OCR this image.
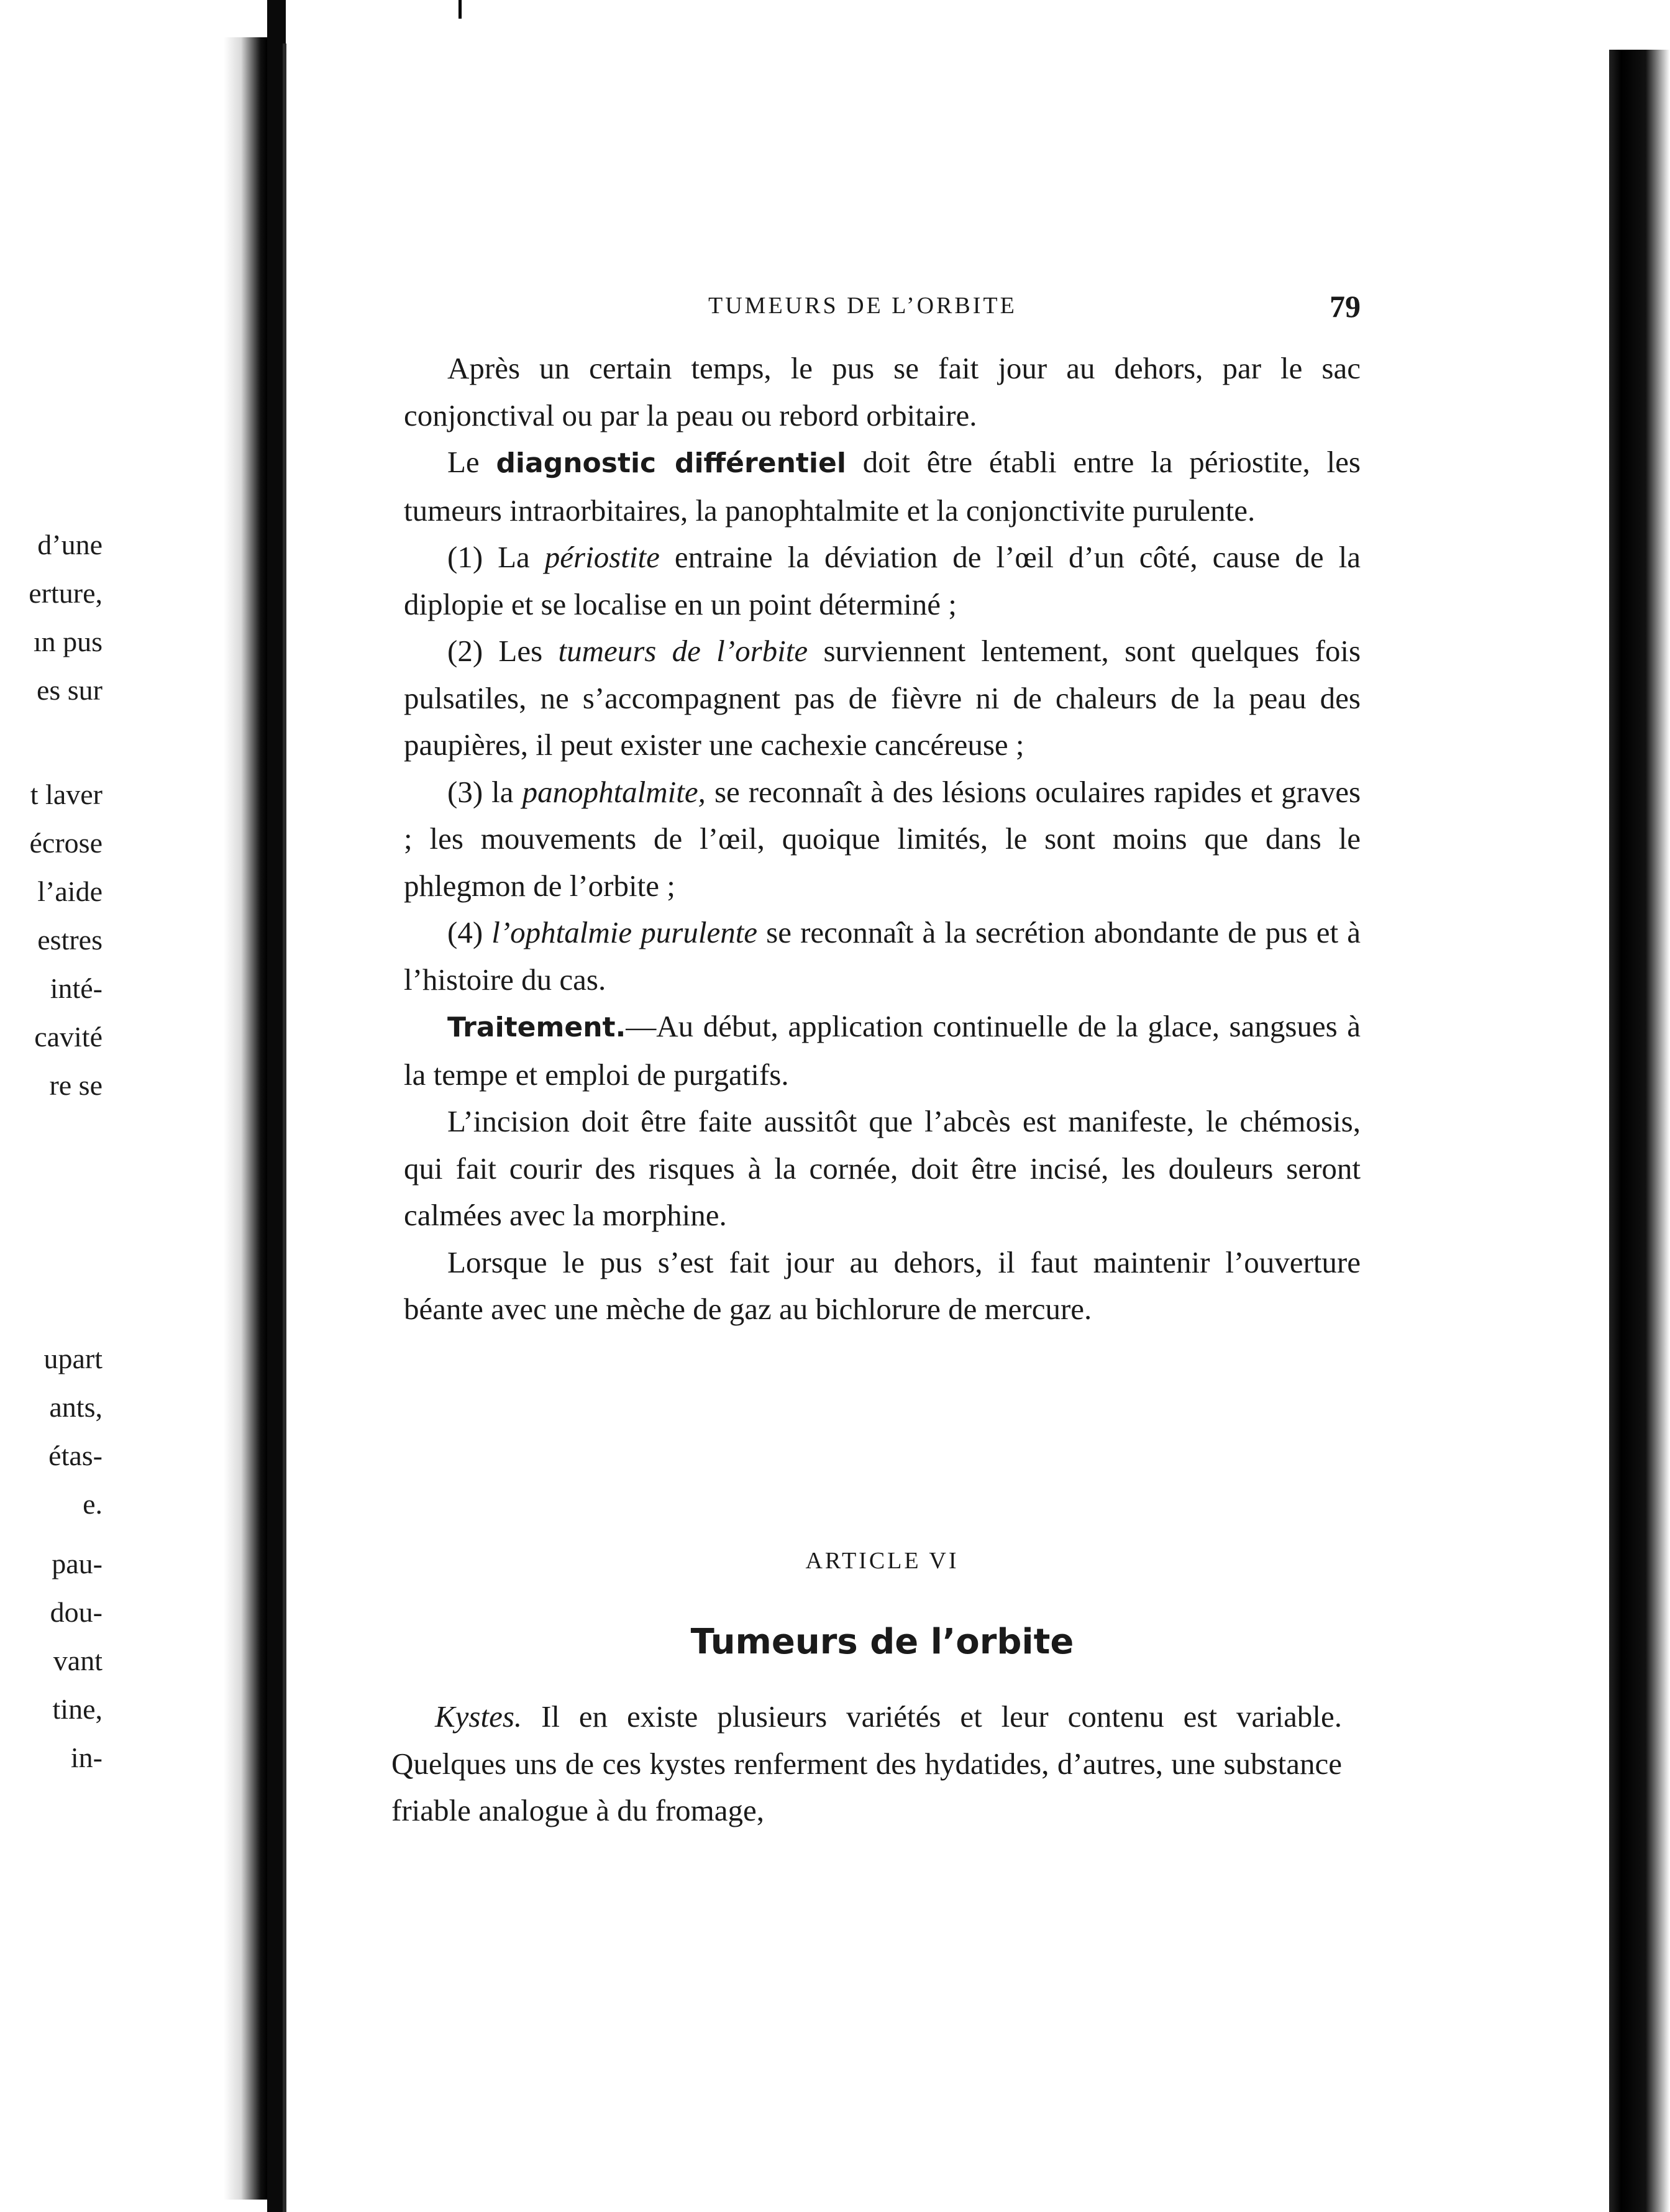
d’une
erture,
ın pus
es sur
t laver
écrose
l’aide
estres
inté-
cavité
re se
upart
ants,
étas-
e.
pau-
dou-
vant
tine,
in-
TUMEURS DE L’ORBITE	79

Après un certain temps, le pus se fait jour au dehors, par le sac conjonctival ou par la peau ou rebord orbitaire.

Le diagnostic différentiel doit être établi entre la périostite, les tumeurs intraorbitaires, la panophtalmite et la conjonctivite purulente.

(1) La périostite entraine la déviation de l’œil d’un côté, cause de la diplopie et se localise en un point déterminé ;

(2) Les tumeurs de l’orbite surviennent lentement, sont quelques fois pulsatiles, ne s’accompagnent pas de fièvre ni de chaleurs de la peau des paupières, il peut exister une cachexie cancéreuse ;

(3) la panophtalmite, se reconnaît à des lésions oculaires rapides et graves ; les mouvements de l’œil, quoique limités, le sont moins que dans le phlegmon de l’orbite ;

(4) l’ophtalmie purulente se reconnaît à la secrétion abondante de pus et à l’histoire du cas.

Traitement.—Au début, application continuelle de la glace, sangsues à la tempe et emploi de purgatifs.

L’incision doit être faite aussitôt que l’abcès est manifeste, le chémosis, qui fait courir des risques à la cornée, doit être incisé, les douleurs seront calmées avec la morphine.

Lorsque le pus s’est fait jour au dehors, il faut maintenir l’ouverture béante avec une mèche de gaz au bichlorure de mercure.

ARTICLE VI
Tumeurs de l’orbite

Kystes. Il en existe plusieurs variétés et leur contenu est variable. Quelques uns de ces kystes renferment des hydatides, d’autres, une substance friable analogue à du fromage,
